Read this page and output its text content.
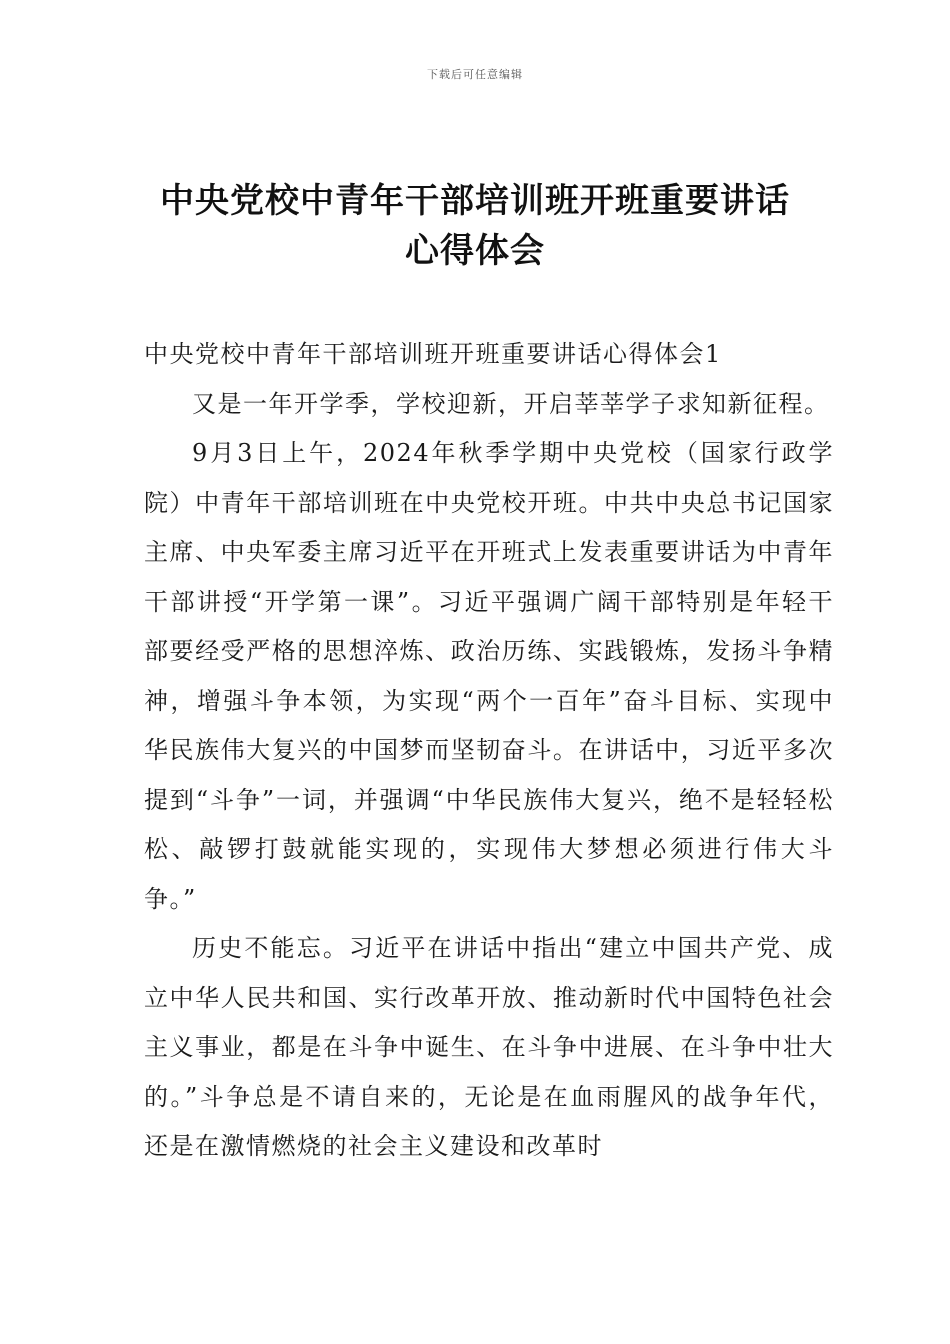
下载后可任意编辑
中央党校中青年干部培训班开班重要讲话
心得体会

中央党校中青年干部培训班开班重要讲话心得体会1

又是一年开学季，学校迎新，开启莘莘学子求知新征程。

9月3日上午，2024年秋季学期中央党校（国家行政学院）中青年干部培训班在中央党校开班。中共中央总书记国家主席、中央军委主席习近平在开班式上发表重要讲话为中青年干部讲授“开学第一课”。习近平强调广阔干部特别是年轻干部要经受严格的思想淬炼、政治历练、实践锻炼，发扬斗争精神，增强斗争本领，为实现“两个一百年”奋斗目标、实现中华民族伟大复兴的中国梦而坚韧奋斗。在讲话中，习近平多次提到“斗争”一词，并强调“中华民族伟大复兴，绝不是轻轻松松、敲锣打鼓就能实现的，实现伟大梦想必须进行伟大斗争。”

历史不能忘。习近平在讲话中指出“建立中国共产党、成立中华人民共和国、实行改革开放、推动新时代中国特色社会主义事业，都是在斗争中诞生、在斗争中进展、在斗争中壮大的。”斗争总是不请自来的，无论是在血雨腥风的战争年代，还是在激情燃烧的社会主义建设和改革时
